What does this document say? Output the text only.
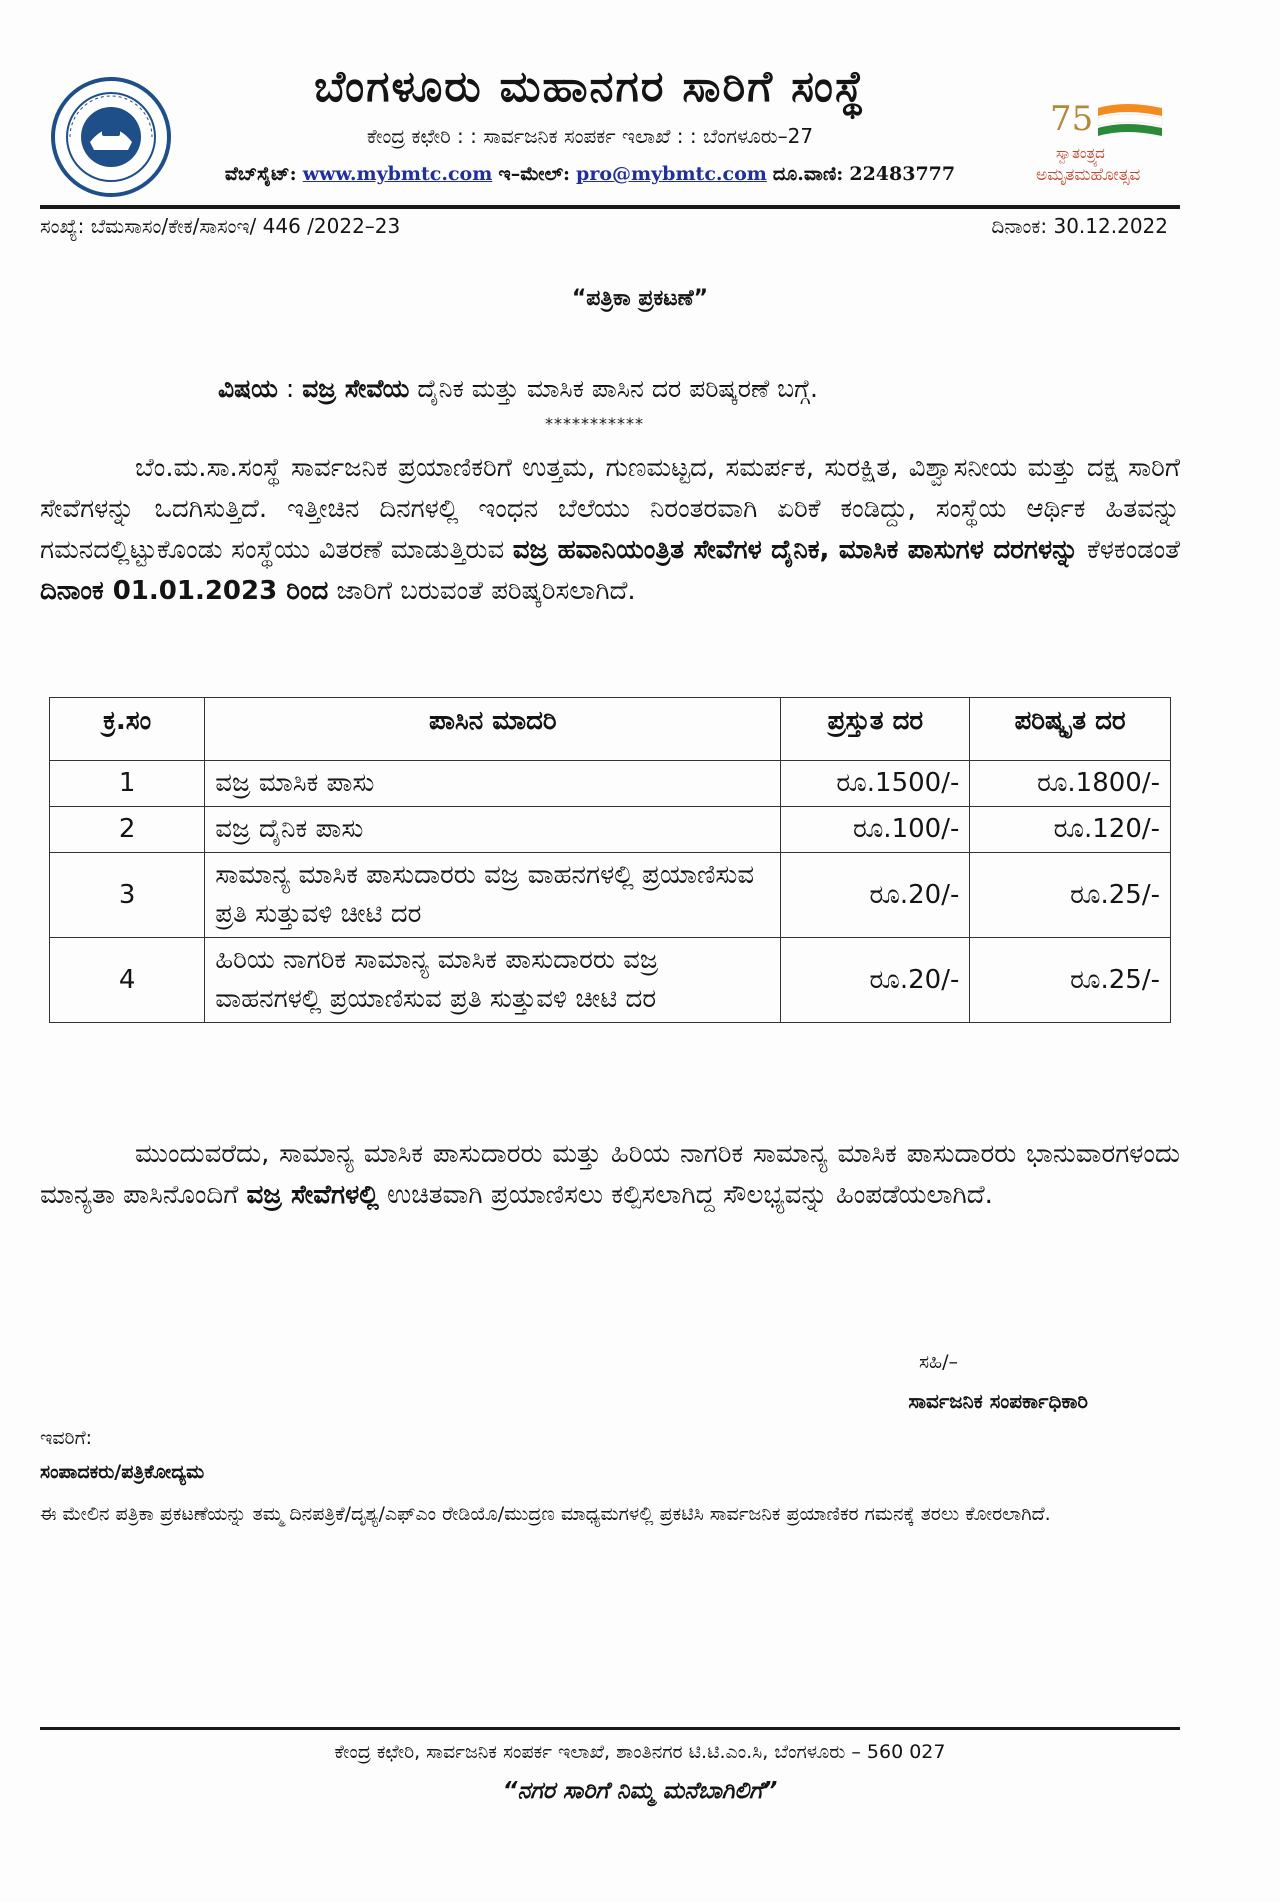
ಬೆಂಗಳೂರು ಮಹಾನಗರ ಸಾರಿಗೆ ಸಂಸ್ಥೆ
ಕೇಂದ್ರ ಕಛೇರಿ : : ಸಾರ್ವಜನಿಕ ಸಂಪರ್ಕ ಇಲಾಖೆ : : ಬೆಂಗಳೂರು–27
ವೆಬ್‌ಸೈಟ್: www.mybmtc.com ಇ–ಮೇಲ್: pro@mybmtc.com ದೂ.ವಾಣಿ: 22483777
75
ಸ್ವಾತಂತ್ರ್ಯದ
ಅಮೃತಮಹೋತ್ಸವ
ಸಂಖ್ಯೆ: ಬೆಮಸಾಸಂ/ಕೇಕ/ಸಾಸಂಇ/ 446 /2022–23	ದಿನಾಂಕ: 30.12.2022
“ಪತ್ರಿಕಾ ಪ್ರಕಟಣೆ”
ವಿಷಯ : ವಜ್ರ ಸೇವೆಯ ದೈನಿಕ ಮತ್ತು ಮಾಸಿಕ ಪಾಸಿನ ದರ ಪರಿಷ್ಕರಣೆ ಬಗ್ಗೆ.
***********
ಬೆಂ.ಮ.ಸಾ.ಸಂಸ್ಥೆ ಸಾರ್ವಜನಿಕ ಪ್ರಯಾಣಿಕರಿಗೆ ಉತ್ತಮ, ಗುಣಮಟ್ಟದ, ಸಮರ್ಪಕ, ಸುರಕ್ಷಿತ, ವಿಶ್ವಾಸನೀಯ ಮತ್ತು ದಕ್ಷ ಸಾರಿಗೆ ಸೇವೆಗಳನ್ನು ಒದಗಿಸುತ್ತಿದೆ. ಇತ್ತೀಚಿನ ದಿನಗಳಲ್ಲಿ ಇಂಧನ ಬೆಲೆಯು ನಿರಂತರವಾಗಿ ಏರಿಕೆ ಕಂಡಿದ್ದು, ಸಂಸ್ಥೆಯ ಆರ್ಥಿಕ ಹಿತವನ್ನು ಗಮನದಲ್ಲಿಟ್ಟುಕೊಂಡು ಸಂಸ್ಥೆಯು ವಿತರಣೆ ಮಾಡುತ್ತಿರುವ ವಜ್ರ ಹವಾನಿಯಂತ್ರಿತ ಸೇವೆಗಳ ದೈನಿಕ, ಮಾಸಿಕ ಪಾಸುಗಳ ದರಗಳನ್ನು ಕೆಳಕಂಡಂತೆ ದಿನಾಂಕ 01.01.2023 ರಿಂದ ಜಾರಿಗೆ ಬರುವಂತೆ ಪರಿಷ್ಕರಿಸಲಾಗಿದೆ.
ಕ್ರ.ಸಂ	ಪಾಸಿನ ಮಾದರಿ	ಪ್ರಸ್ತುತ ದರ	ಪರಿಷ್ಕೃತ ದರ
1	ವಜ್ರ ಮಾಸಿಕ ಪಾಸು	ರೂ.1500/-	ರೂ.1800/-
2	ವಜ್ರ ದೈನಿಕ ಪಾಸು	ರೂ.100/-	ರೂ.120/-
3	ಸಾಮಾನ್ಯ ಮಾಸಿಕ ಪಾಸುದಾರರು ವಜ್ರ ವಾಹನಗಳಲ್ಲಿ ಪ್ರಯಾಣಿಸುವ ಪ್ರತಿ ಸುತ್ತುವಳಿ ಚೀಟಿ ದರ	ರೂ.20/-	ರೂ.25/-
4	ಹಿರಿಯ ನಾಗರಿಕ ಸಾಮಾನ್ಯ ಮಾಸಿಕ ಪಾಸುದಾರರು ವಜ್ರ ವಾಹನಗಳಲ್ಲಿ ಪ್ರಯಾಣಿಸುವ ಪ್ರತಿ ಸುತ್ತುವಳಿ ಚೀಟಿ ದರ	ರೂ.20/-	ರೂ.25/-
ಮುಂದುವರೆದು, ಸಾಮಾನ್ಯ ಮಾಸಿಕ ಪಾಸುದಾರರು ಮತ್ತು ಹಿರಿಯ ನಾಗರಿಕ ಸಾಮಾನ್ಯ ಮಾಸಿಕ ಪಾಸುದಾರರು ಭಾನುವಾರಗಳಂದು ಮಾನ್ಯತಾ ಪಾಸಿನೊಂದಿಗೆ ವಜ್ರ ಸೇವೆಗಳಲ್ಲಿ ಉಚಿತವಾಗಿ ಪ್ರಯಾಣಿಸಲು ಕಲ್ಪಿಸಲಾಗಿದ್ದ ಸೌಲಭ್ಯವನ್ನು ಹಿಂಪಡೆಯಲಾಗಿದೆ.
ಸಹಿ/–
ಸಾರ್ವಜನಿಕ ಸಂಪರ್ಕಾಧಿಕಾರಿ
ಇವರಿಗೆ:
ಸಂಪಾದಕರು/ಪತ್ರಿಕೋದ್ಯಮ
ಈ ಮೇಲಿನ ಪತ್ರಿಕಾ ಪ್ರಕಟಣೆಯನ್ನು ತಮ್ಮ ದಿನಪತ್ರಿಕೆ/ದೃಶ್ಯ/ಎಫ್‌ಎಂ ರೇಡಿಯೊ/ಮುದ್ರಣ ಮಾಧ್ಯಮಗಳಲ್ಲಿ ಪ್ರಕಟಿಸಿ ಸಾರ್ವಜನಿಕ ಪ್ರಯಾಣಿಕರ ಗಮನಕ್ಕೆ ತರಲು ಕೋರಲಾಗಿದೆ.
ಕೇಂದ್ರ ಕಛೇರಿ, ಸಾರ್ವಜನಿಕ ಸಂಪರ್ಕ ಇಲಾಖೆ, ಶಾಂತಿನಗರ ಟಿ.ಟಿ.ಎಂ.ಸಿ, ಬೆಂಗಳೂರು – 560 027
“ನಗರ ಸಾರಿಗೆ ನಿಮ್ಮ ಮನೆಬಾಗಿಲಿಗೆ”
